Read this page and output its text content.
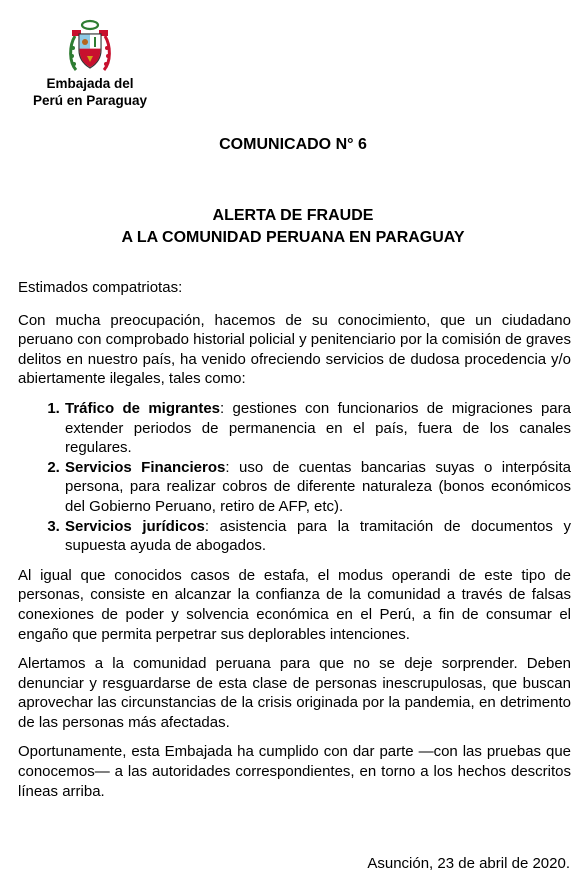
Embajada del
Perú en Paraguay
COMUNICADO N° 6
ALERTA DE FRAUDE
A LA COMUNIDAD PERUANA EN PARAGUAY

Estimados compatriotas:

Con mucha preocupación, hacemos de su conocimiento, que un ciudadano peruano con comprobado historial policial y penitenciario por la comisión de graves delitos en nuestro país, ha venido ofreciendo servicios de dudosa procedencia y/o abiertamente ilegales, tales como:

1. Tráfico de migrantes: gestiones con funcionarios de migraciones para extender periodos de permanencia en el país, fuera de los canales regulares.
2. Servicios Financieros: uso de cuentas bancarias suyas o interpósita persona, para realizar cobros de diferente naturaleza (bonos económicos del Gobierno Peruano, retiro de AFP, etc).
3. Servicios jurídicos: asistencia para la tramitación de documentos y supuesta ayuda de abogados.

Al igual que conocidos casos de estafa, el modus operandi de este tipo de personas, consiste en alcanzar la confianza de la comunidad a través de falsas conexiones de poder y solvencia económica en el Perú, a fin de consumar el engaño que permita perpetrar sus deplorables intenciones.

Alertamos a la comunidad peruana para que no se deje sorprender. Deben denunciar y resguardarse de esta clase de personas inescrupulosas, que buscan aprovechar las circunstancias de la crisis originada por la pandemia, en detrimento de las personas más afectadas.

Oportunamente, esta Embajada ha cumplido con dar parte —con las pruebas que conocemos— a las autoridades correspondientes, en torno a los hechos descritos líneas arriba.

Asunción, 23 de abril de 2020.
